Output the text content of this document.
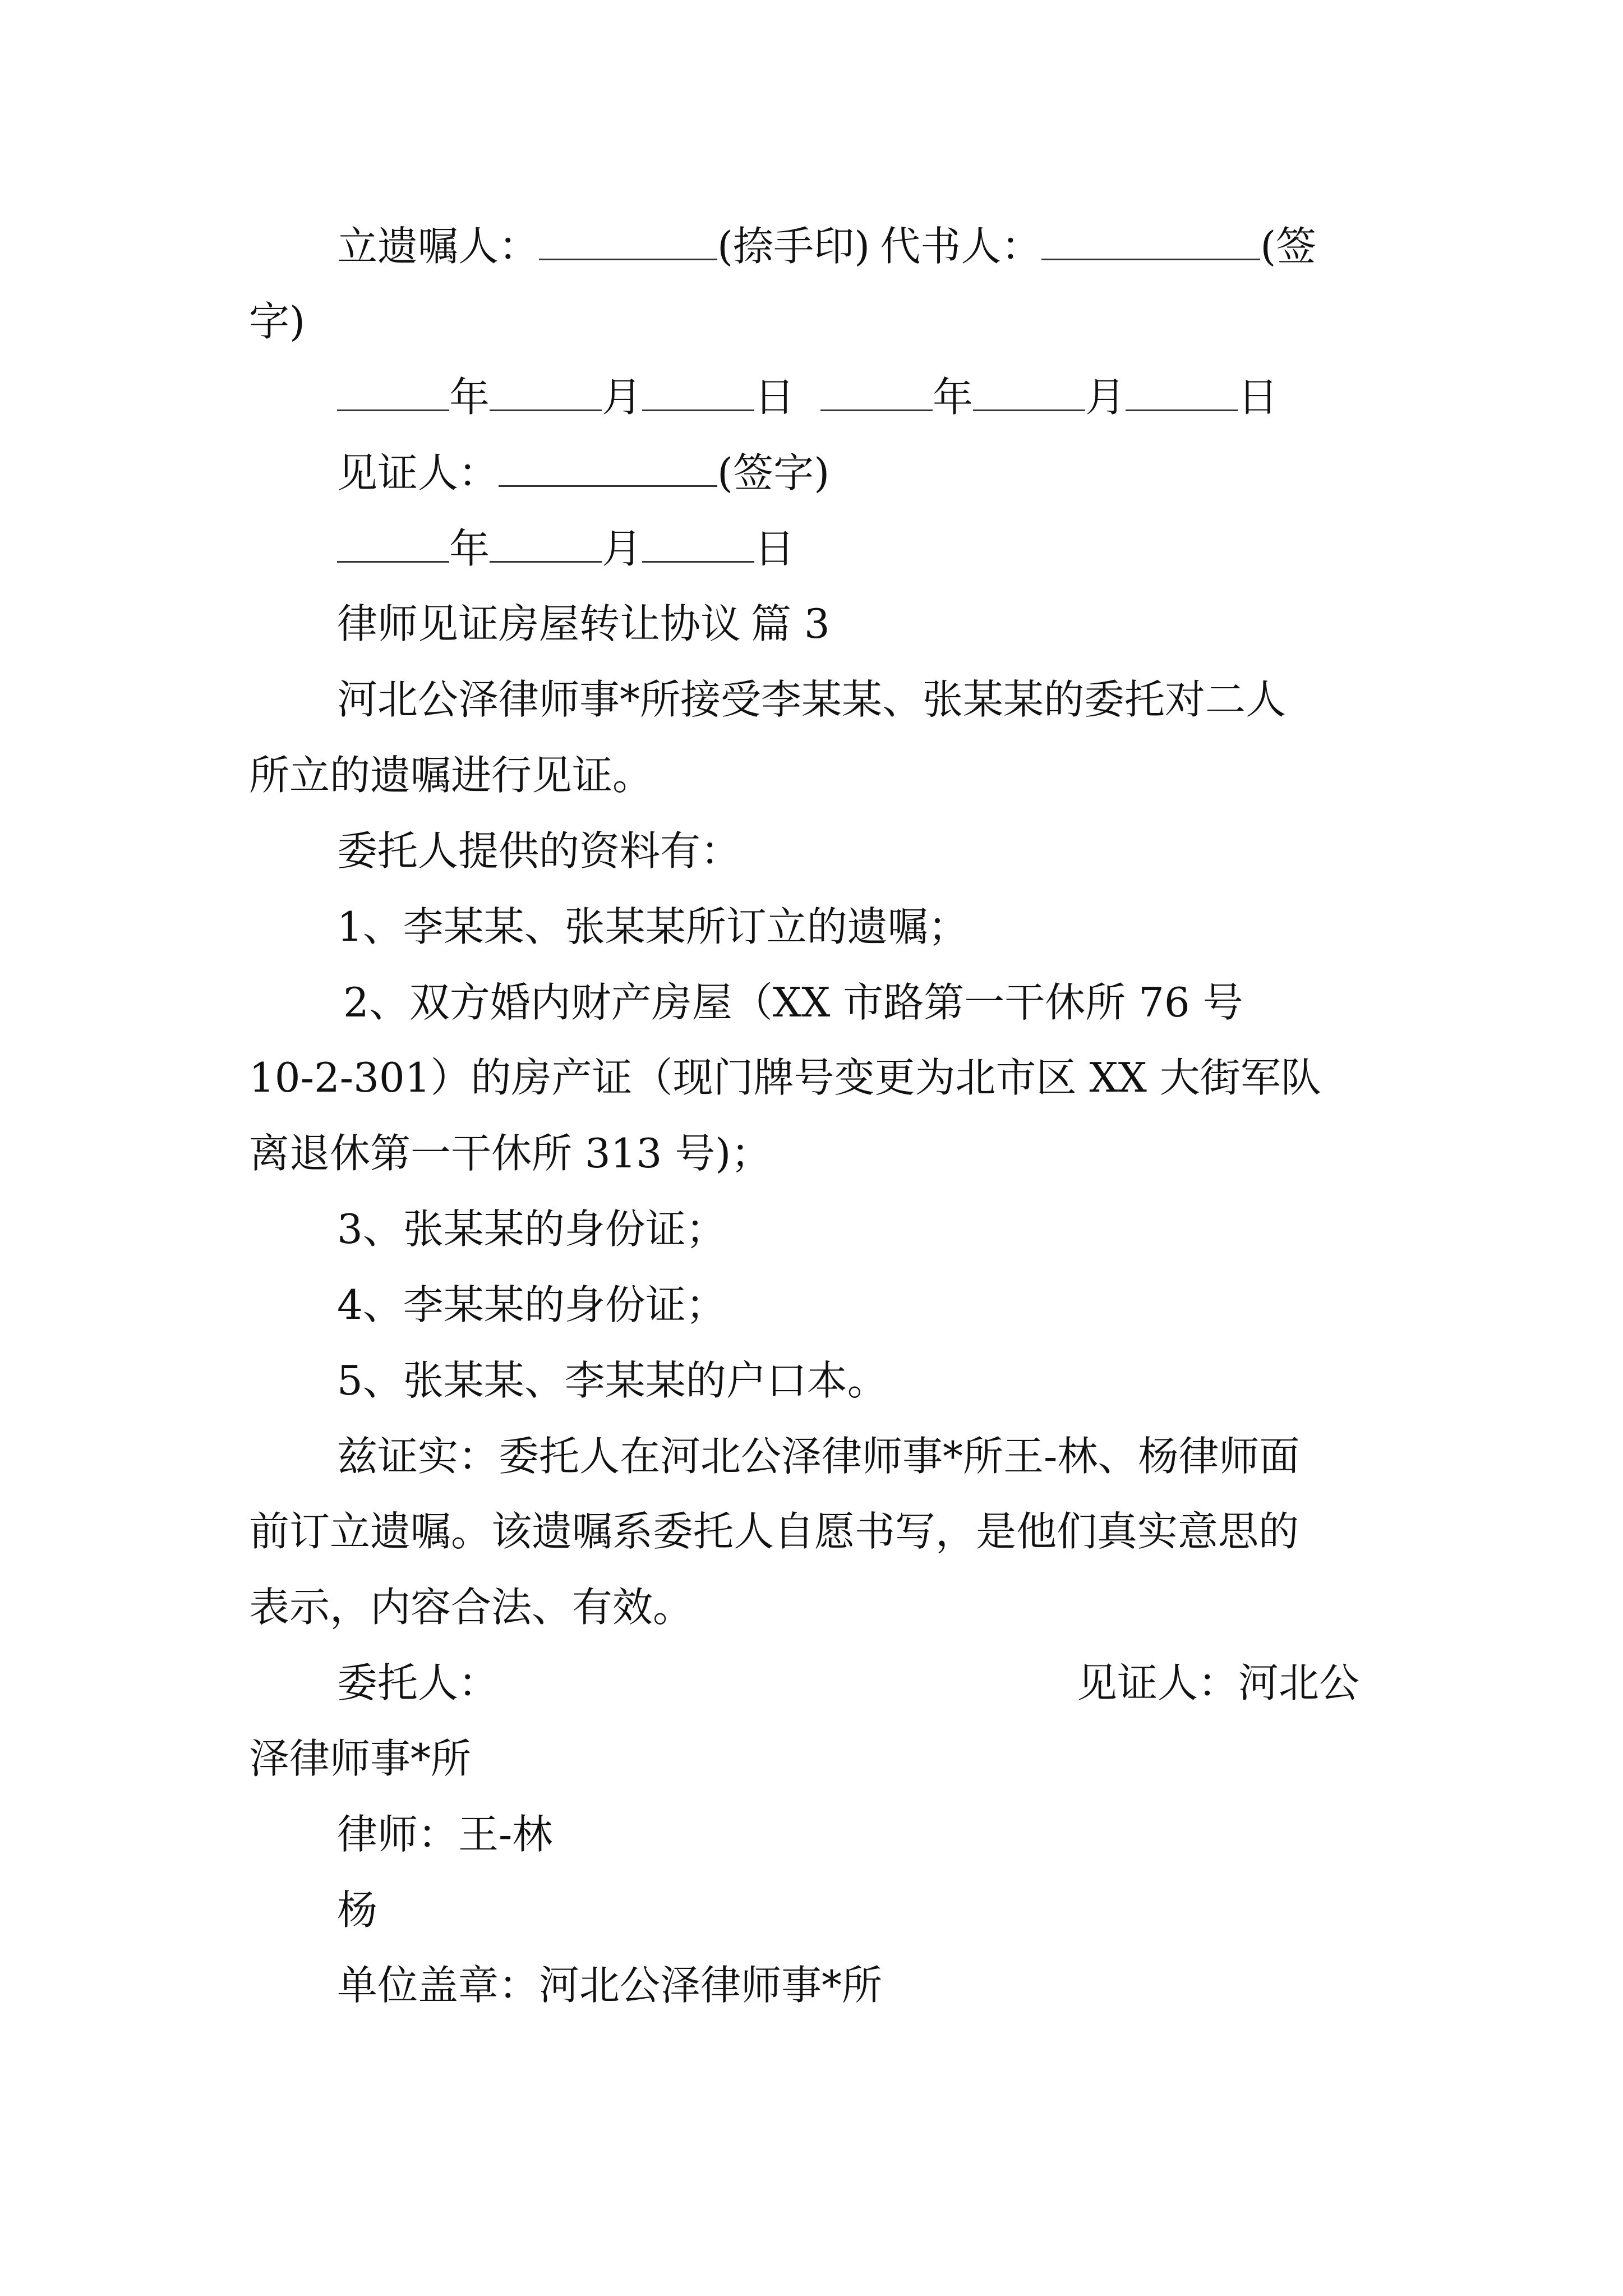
立遗嘱人：	(捺手印) 代书人：	(签

字)

年	月	日	年	月	日

见证人：	(签字)

年	月	日

律师见证房屋转让协议 篇 3

河北公泽律师事*所接受李某某、张某某的委托对二人

所立的遗嘱进行见证。

委托人提供的资料有：

1、李某某、张某某所订立的遗嘱；

2、双方婚内财产房屋（XX 市路第一干休所 76 号

10-2-301）的房产证（现门牌号变更为北市区 XX 大街军队

离退休第一干休所 313 号)；

3、张某某的身份证；

4、李某某的身份证；

5、张某某、李某某的户口本。

兹证实：委托人在河北公泽律师事*所王-林、杨律师面

前订立遗嘱。该遗嘱系委托人自愿书写，是他们真实意思的

表示，内容合法、有效。

委托人：	见证人：河北公

泽律师事*所

律师：王-林

杨

单位盖章：河北公泽律师事*所
